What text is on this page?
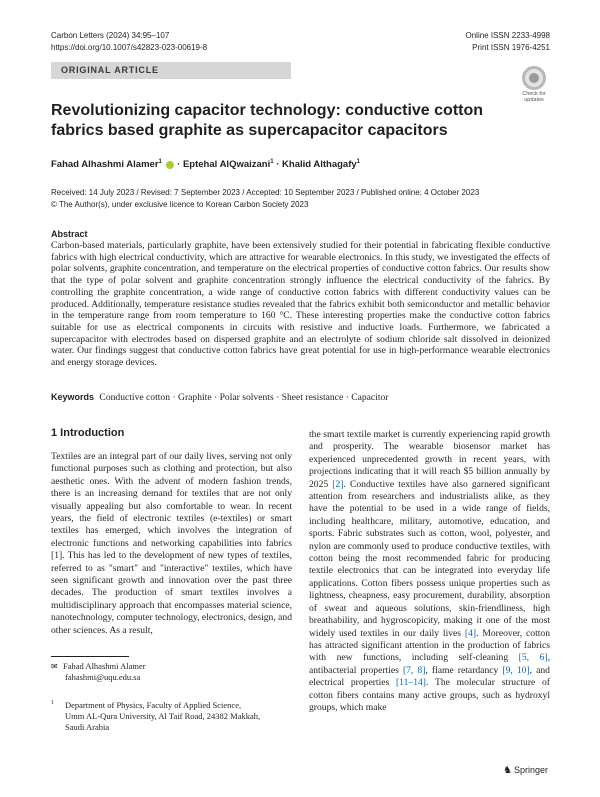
Carbon Letters (2024) 34:95–107
https://doi.org/10.1007/s42823-023-00619-8
Online ISSN 2233-4998
Print ISSN 1976-4251
ORIGINAL ARTICLE
Check for
updates
Revolutionizing capacitor technology: conductive cotton fabrics based graphite as supercapacitor capacitors
Fahad Alhashmi Alamer$^1$  · Eptehal AlQwaizani$^1$ · Khalid Althagafy$^1$
Received: 14 July 2023 / Revised: 7 September 2023 / Accepted: 10 September 2023 / Published online: 4 October 2023
© The Author(s), under exclusive licence to Korean Carbon Society 2023
Abstract

Carbon-based materials, particularly graphite, have been extensively studied for their potential in fabricating flexible conductive fabrics with high electrical conductivity, which are attractive for wearable electronics. In this study, we investigated the effects of polar solvents, graphite concentration, and temperature on the electrical properties of conductive cotton fabrics. Our results show that the type of polar solvent and graphite concentration strongly influence the electrical conductivity of the fabrics. By controlling the graphite concentration, a wide range of conductive cotton fabrics with different conductivity values can be produced. Additionally, temperature resistance studies revealed that the fabrics exhibit both semiconductor and metallic behavior in the temperature range from room temperature to 160 °C. These interesting properties make the conductive cotton fabrics suitable for use as electrical components in circuits with resistive and inductive loads. Furthermore, we fabricated a supercapacitor with electrodes based on dispersed graphite and an electrolyte of sodium chloride salt dissolved in deionized water. Our findings suggest that conductive cotton fabrics have great potential for use in high-performance wearable electronics and energy storage devices.

Keywords Conductive cotton · Graphite · Polar solvents · Sheet resistance · Capacitor
1 Introduction

Textiles are an integral part of our daily lives, serving not only functional purposes such as clothing and protection, but also aesthetic ones. With the advent of modern fashion trends, there is an increasing demand for textiles that are not only visually appealing but also comfortable to wear. In recent years, the field of electronic textiles (e-textiles) or smart textiles has emerged, which involves the integration of electronic functions and networking capabilities into fabrics [1]. This has led to the development of new types of textiles, referred to as "smart" and "interactive" textiles, which have seen significant growth and innovation over the past three decades. The production of smart textiles involves a multidisciplinary approach that encompasses material science, nanotechnology, computer technology, electronics, design, and other sciences. As a result,

the smart textile market is currently experiencing rapid growth and prosperity. The wearable biosensor market has experienced unprecedented growth in recent years, with projections indicating that it will reach $5 billion annually by 2025 [2]. Conductive textiles have also garnered significant attention from researchers and industrialists alike, as they have the potential to be used in a wide range of fields, including healthcare, military, automotive, education, and sports. Fabric substrates such as cotton, wool, polyester, and nylon are commonly used to produce conductive textiles, with cotton being the most recommended fabric for producing textile electronics that can be integrated into everyday life applications. Cotton fibers possess unique properties such as lightness, cheapness, easy procurement, durability, absorption of sweat and aqueous solutions, skin-friendliness, high breathability, and hygroscopicity, making it one of the most widely used textiles in our daily lives [4]. Moreover, cotton has attracted significant attention in the production of fabrics with new functions, including self-cleaning [5, 6], antibacterial properties [7, 8], flame retardancy [9, 10], and electrical properties [11–14]. The molecular structure of cotton fibers contains many active groups, such as hydroxyl groups, which make

✉ Fahad Alhashmi Alamer
fahashmi@uqu.edu.sa
1	Department of Physics, Faculty of Applied Science,
Umm AL-Qura University, Al Taif Road, 24382 Makkah,
Saudi Arabia
♞ Springer
